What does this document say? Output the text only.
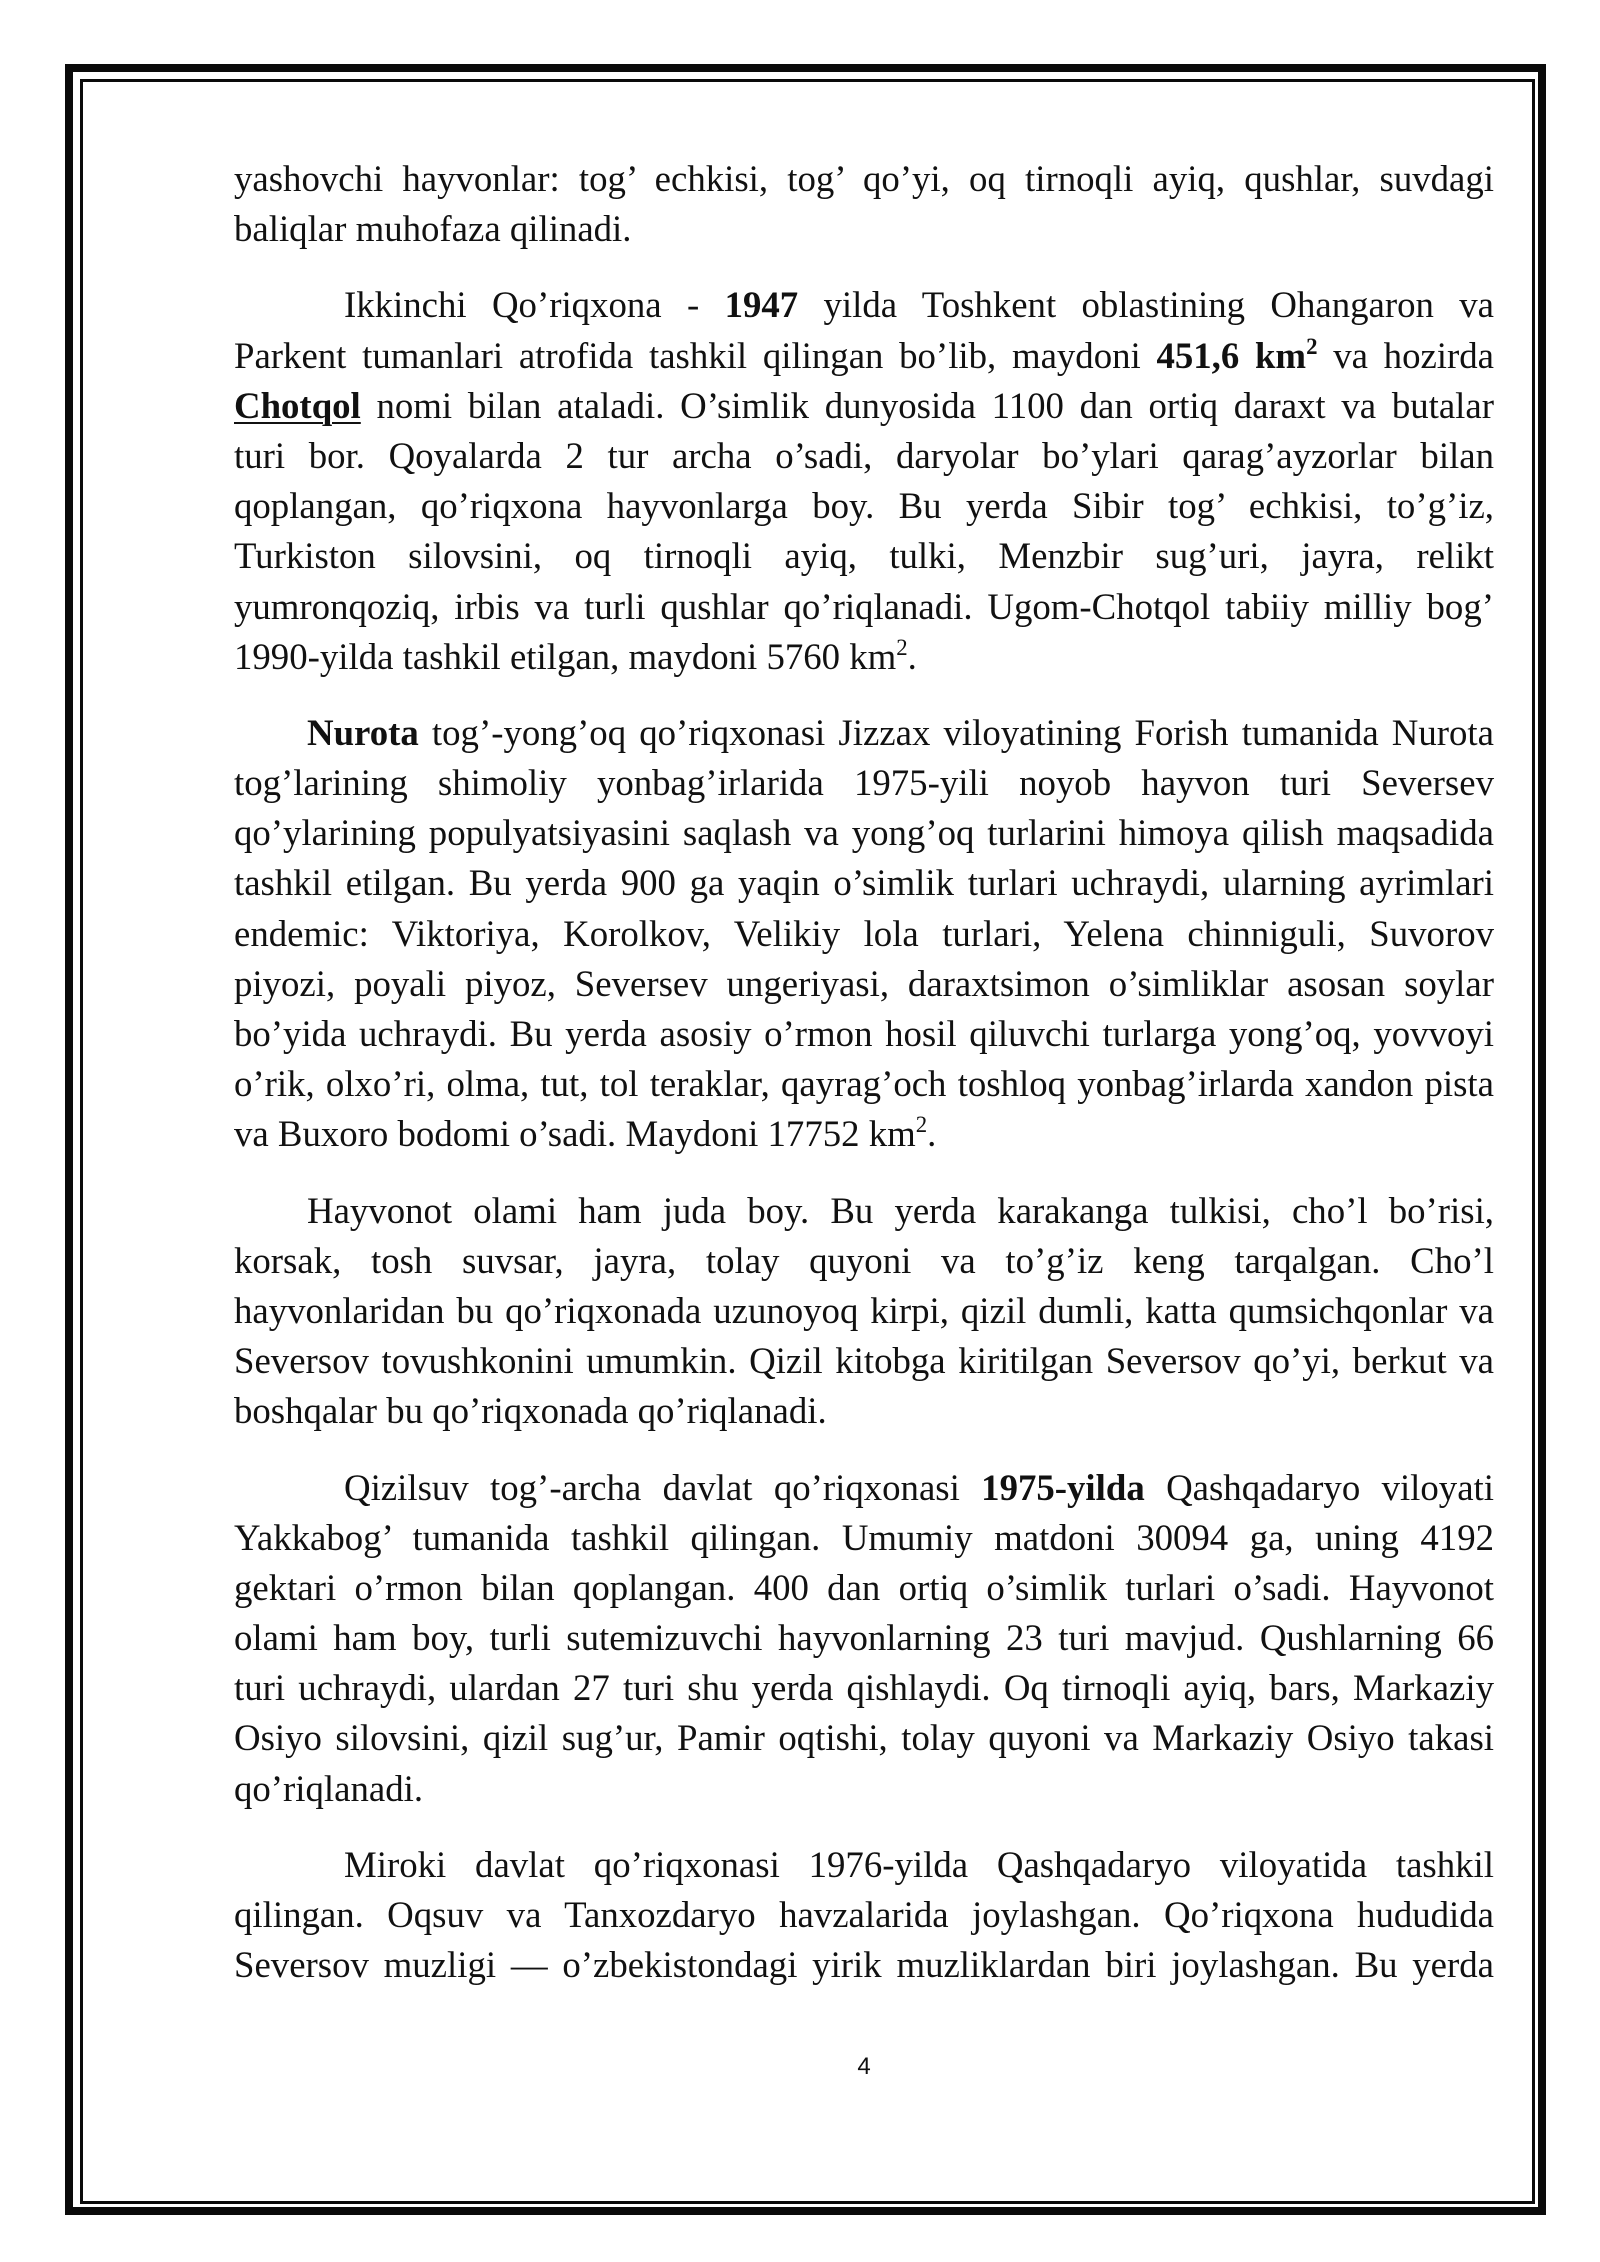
yashovchi hayvonlar: tog’ echkisi, tog’ qo’yi, oq tirnoqli ayiq, qushlar, suvdagi
baliqlar muhofaza qilinadi.
Ikkinchi Qo’riqxona - 1947 yilda Toshkent oblastining Ohangaron va
Parkent tumanlari atrofida tashkil qilingan bo’lib, maydoni 451,6 $km^2$ va hozirda
Chotqol nomi bilan ataladi. O’simlik dunyosida 1100 dan ortiq daraxt va butalar
turi bor. Qoyalarda 2 tur archa o’sadi, daryolar bo’ylari qarag’ayzorlar bilan
qoplangan, qo’riqxona hayvonlarga boy. Bu yerda Sibir tog’ echkisi, to’g’iz,
Turkiston silovsini, oq tirnoqli ayiq, tulki, Menzbir sug’uri, jayra, relikt
yumronqoziq, irbis va turli qushlar qo’riqlanadi. Ugom-Chotqol tabiiy milliy bog’
1990-yilda tashkil etilgan, maydoni 5760 $km^2$.
Nurota tog’-yong’oq qo’riqxonasi Jizzax viloyatining Forish tumanida Nurota
tog’larining shimoliy yonbag’irlarida 1975-yili noyob hayvon turi Seversev
qo’ylarining populyatsiyasini saqlash va yong’oq turlarini himoya qilish maqsadida
tashkil etilgan. Bu yerda 900 ga yaqin o’simlik turlari uchraydi, ularning ayrimlari
endemic: Viktoriya, Korolkov, Velikiy lola turlari, Yelena chinniguli, Suvorov
piyozi, poyali piyoz, Seversev ungeriyasi, daraxtsimon o’simliklar asosan soylar
bo’yida uchraydi. Bu yerda asosiy o’rmon hosil qiluvchi turlarga yong’oq, yovvoyi
o’rik, olxo’ri, olma, tut, tol teraklar, qayrag’och toshloq yonbag’irlarda xandon pista
va Buxoro bodomi o’sadi. Maydoni 17752 $km^2$.
Hayvonot olami ham juda boy. Bu yerda karakanga tulkisi, cho’l bo’risi,
korsak, tosh suvsar, jayra, tolay quyoni va to’g’iz keng tarqalgan. Cho’l
hayvonlaridan bu qo’riqxonada uzunoyoq kirpi, qizil dumli, katta qumsichqonlar va
Seversov tovushkonini umumkin. Qizil kitobga kiritilgan Seversov qo’yi, berkut va
boshqalar bu qo’riqxonada qo’riqlanadi.
Qizilsuv tog’-archa davlat qo’riqxonasi 1975-yilda Qashqadaryo viloyati
Yakkabog’ tumanida tashkil qilingan. Umumiy matdoni 30094 ga, uning 4192
gektari o’rmon bilan qoplangan. 400 dan ortiq o’simlik turlari o’sadi. Hayvonot
olami ham boy, turli sutemizuvchi hayvonlarning 23 turi mavjud. Qushlarning 66
turi uchraydi, ulardan 27 turi shu yerda qishlaydi. Oq tirnoqli ayiq, bars, Markaziy
Osiyo silovsini, qizil sug’ur, Pamir oqtishi, tolay quyoni va Markaziy Osiyo takasi
qo’riqlanadi.
Miroki davlat qo’riqxonasi 1976-yilda Qashqadaryo viloyatida tashkil
qilingan. Oqsuv va Tanxozdaryo havzalarida joylashgan. Qo’riqxona hududida
Seversov muzligi — o’zbekistondagi yirik muzliklardan biri joylashgan. Bu yerda
4
